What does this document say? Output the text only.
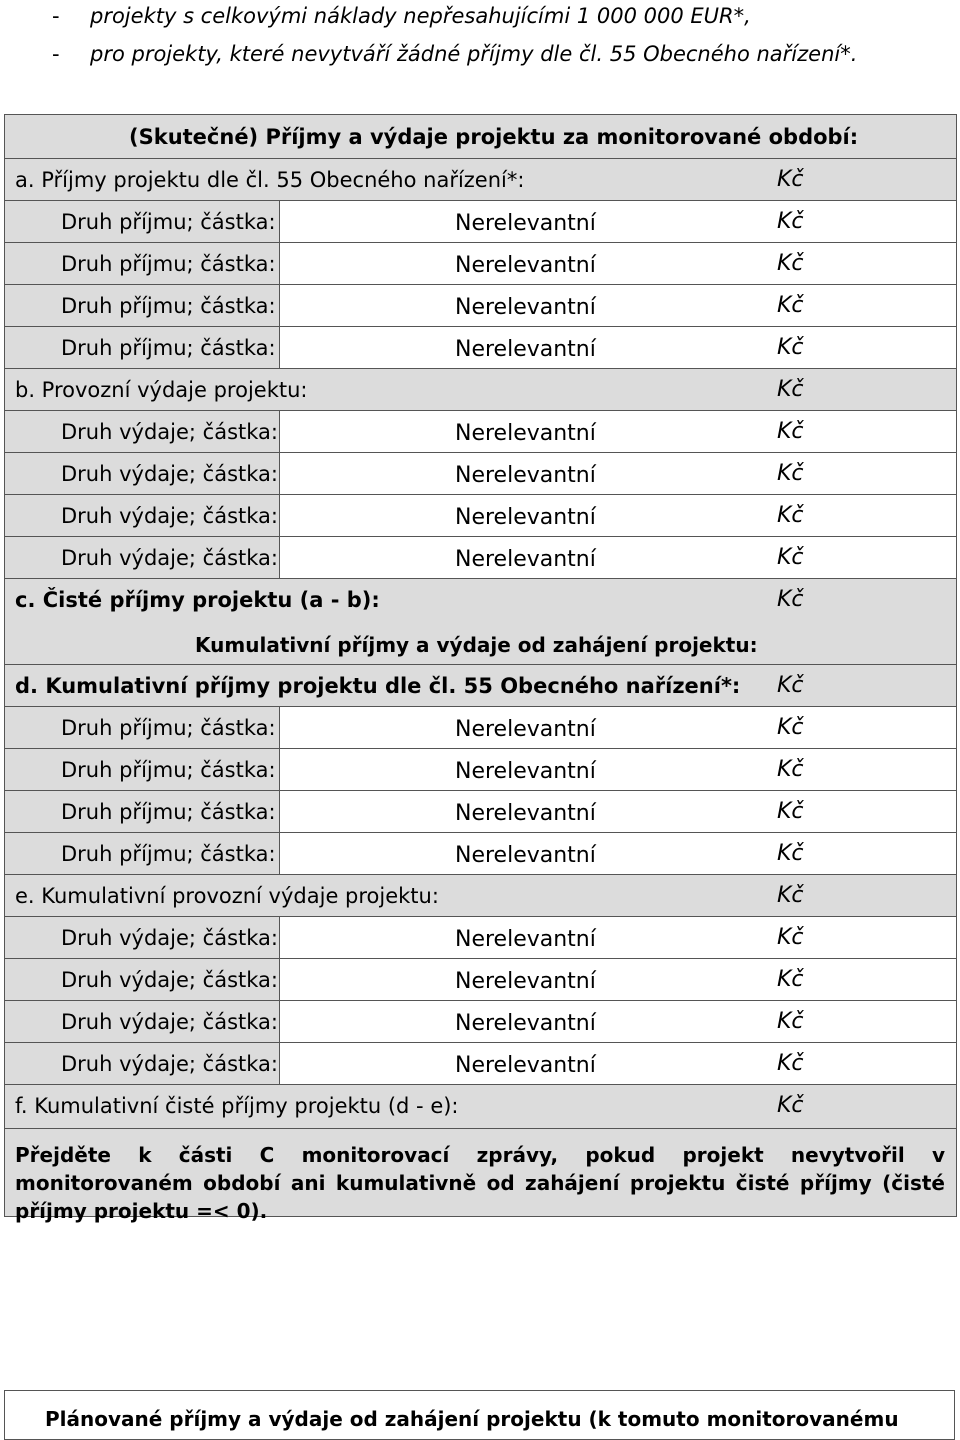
- projekty s celkovými náklady nepřesahujícími 1 000 000 EUR*,
- pro projekty, které nevytváří žádné příjmy dle čl. 55 Obecného nařízení*.
(Skutečné) Příjmy a výdaje projektu za monitorované období:
a. Příjmy projektu dle čl. 55 Obecného nařízení*:	Kč
Druh příjmu; částka:	Nerelevantní	Kč
Druh příjmu; částka:	Nerelevantní	Kč
Druh příjmu; částka:	Nerelevantní	Kč
Druh příjmu; částka:	Nerelevantní	Kč
b. Provozní výdaje projektu:	Kč
Druh výdaje; částka:	Nerelevantní	Kč
Druh výdaje; částka:	Nerelevantní	Kč
Druh výdaje; částka:	Nerelevantní	Kč
Druh výdaje; částka:	Nerelevantní	Kč
c. Čisté příjmy projektu (a - b):	Kč
Kumulativní příjmy a výdaje od zahájení projektu:
d. Kumulativní příjmy projektu dle čl. 55 Obecného nařízení*: Kč
Druh příjmu; částka:	Nerelevantní	Kč
Druh příjmu; částka:	Nerelevantní	Kč
Druh příjmu; částka:	Nerelevantní	Kč
Druh příjmu; částka:	Nerelevantní	Kč
e. Kumulativní provozní výdaje projektu:	Kč
Druh výdaje; částka:	Nerelevantní	Kč
Druh výdaje; částka:	Nerelevantní	Kč
Druh výdaje; částka:	Nerelevantní	Kč
Druh výdaje; částka:	Nerelevantní	Kč
f. Kumulativní čisté příjmy projektu (d - e):	Kč

Přejděte k části C monitorovací zprávy, pokud projekt nevytvořil v monitorovaném období ani kumulativně od zahájení projektu čisté příjmy (čisté příjmy projektu =< 0).

Plánované příjmy a výdaje od zahájení projektu (k tomuto monitorovanému
